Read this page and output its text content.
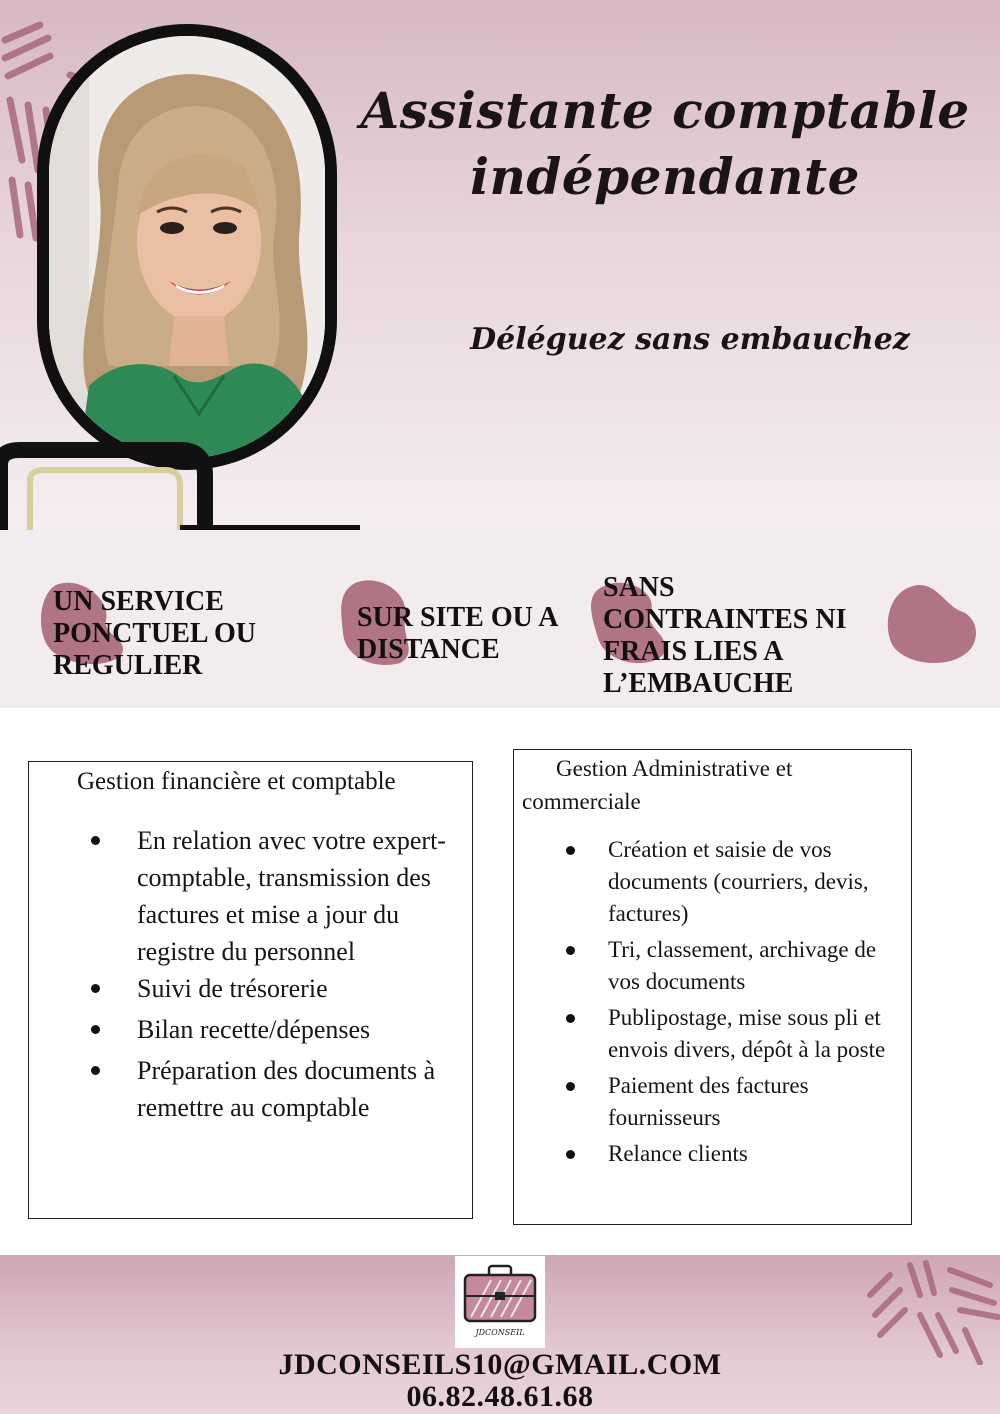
Assistante comptable
indépendante
Déléguez sans embauchez
UN SERVICE
PONCTUEL OU
REGULIER
SUR SITE OU A
DISTANCE
SANS
CONTRAINTES NI
FRAIS LIES A
L’EMBAUCHE
Gestion financière et comptable
En relation avec votre expert-comptable, transmission des factures et mise a jour du registre du personnel
Suivi de trésorerie
Bilan recette/dépenses
Préparation des documents à remettre au comptable
Gestion Administrative et commerciale
Création et saisie de vos documents (courriers, devis, factures)
Tri, classement, archivage de vos documents
Publipostage, mise sous pli et envois divers, dépôt à la poste
Paiement des factures fournisseurs
Relance clients
JDCONSEIL
JDCONSEILS10@GMAIL.COM
06.82.48.61.68
